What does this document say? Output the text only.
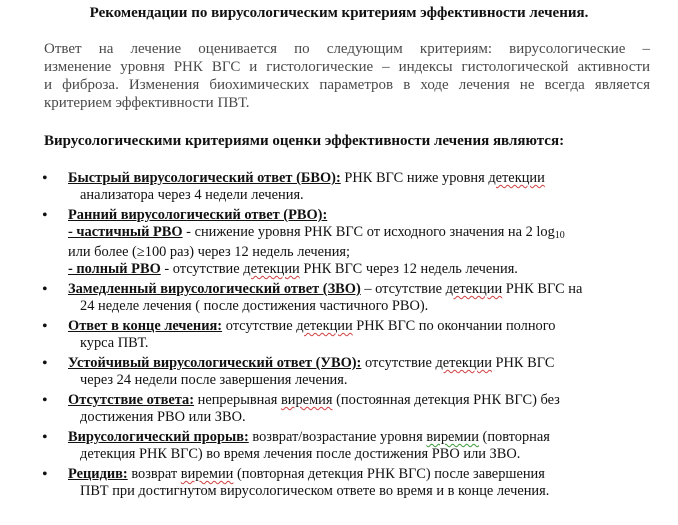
Рекомендации по вирусологическим критериям эффективности лечения.

Ответ на лечение оценивается по следующим критериям: вирусологические –
изменение уровня РНК ВГС и гистологические – индексы гистологической активности
и фиброза. Изменения биохимических параметров в ходе лечения не всегда является
критерием эффективности ПВТ.

Вирусологическими критериями оценки эффективности лечения являются:

• Быстрый вирусологический ответ (БВО): РНК ВГС ниже уровня детекции
анализатора через 4 недели лечения.
• Ранний вирусологический ответ (РВО):
- частичный РВО - снижение уровня РНК ВГС от исходного значения на 2 log10
или более (≥100 раз) через 12 недель лечения;
- полный РВО - отсутствие детекции РНК ВГС через 12 недель лечения.
• Замедленный вирусологический ответ (ЗВО) – отсутствие детекции РНК ВГС на
24 неделе лечения ( после достижения частичного РВО).
• Ответ в конце лечения: отсутствие детекции РНК ВГС по окончании полного
курса ПВТ.
• Устойчивый вирусологический ответ (УВО): отсутствие детекции РНК ВГС
через 24 недели после завершения лечения.
• Отсутствие ответа: непрерывная виремия (постоянная детекция РНК ВГС) без
достижения РВО или ЗВО.
• Вирусологический прорыв: возврат/возрастание уровня виремии (повторная
детекция РНК ВГС) во время лечения после достижения РВО или ЗВО.
• Рецидив: возврат виремии (повторная детекция РНК ВГС) после завершения
ПВТ при достигнутом вирусологическом ответе во время и в конце лечения.
